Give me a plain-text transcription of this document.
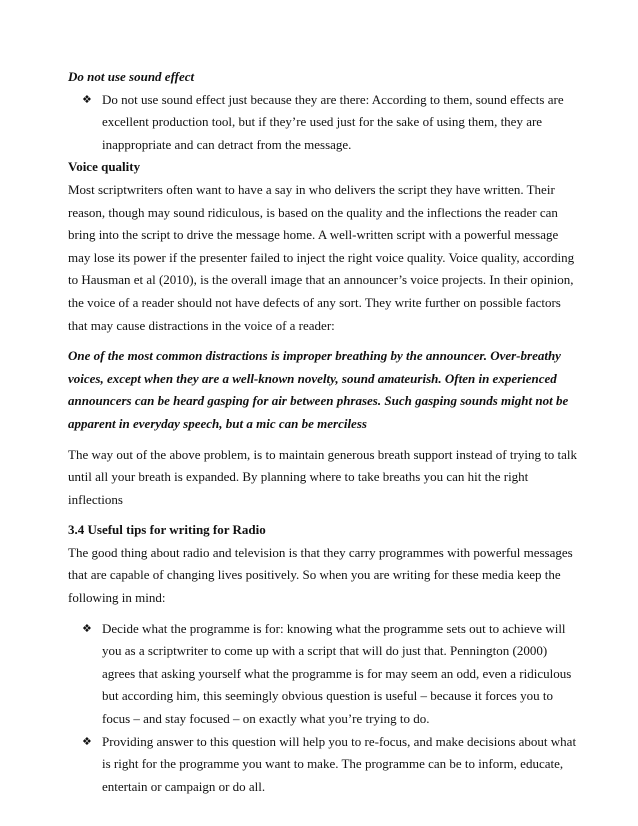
Do not use sound effect

❖ Do not use sound effect just because they are there: According to them, sound effects are excellent production tool, but if they’re used just for the sake of using them, they are inappropriate and can detract from the message.

Voice quality

Most scriptwriters often want to have a say in who delivers the script they have written. Their reason, though may sound ridiculous, is based on the quality and the inflections the reader can bring into the script to drive the message home. A well-written script with a powerful message may lose its power if the presenter failed to inject the right voice quality. Voice quality, according to Hausman et al (2010), is the overall image that an announcer’s voice projects. In their opinion, the voice of a reader should not have defects of any sort. They write further on possible factors that may cause distractions in the voice of a reader:

One of the most common distractions is improper breathing by the announcer. Over-breathy voices, except when they are a well-known novelty, sound amateurish. Often in experienced announcers can be heard gasping for air between phrases. Such gasping sounds might not be apparent in everyday speech, but a mic can be merciless

The way out of the above problem, is to maintain generous breath support instead of trying to talk until all your breath is expanded. By planning where to take breaths you can hit the right inflections

3.4 Useful tips for writing for Radio

The good thing about radio and television is that they carry programmes with powerful messages that are capable of changing lives positively. So when you are writing for these media keep the following in mind:

❖ Decide what the programme is for: knowing what the programme sets out to achieve will you as a scriptwriter to come up with a script that will do just that. Pennington (2000) agrees that asking yourself what the programme is for may seem an odd, even a ridiculous but according him, this seemingly obvious question is useful – because it forces you to focus – and stay focused – on exactly what you’re trying to do.
❖ Providing answer to this question will help you to re-focus, and make decisions about what is right for the programme you want to make. The programme can be to inform, educate, entertain or campaign or do all.
